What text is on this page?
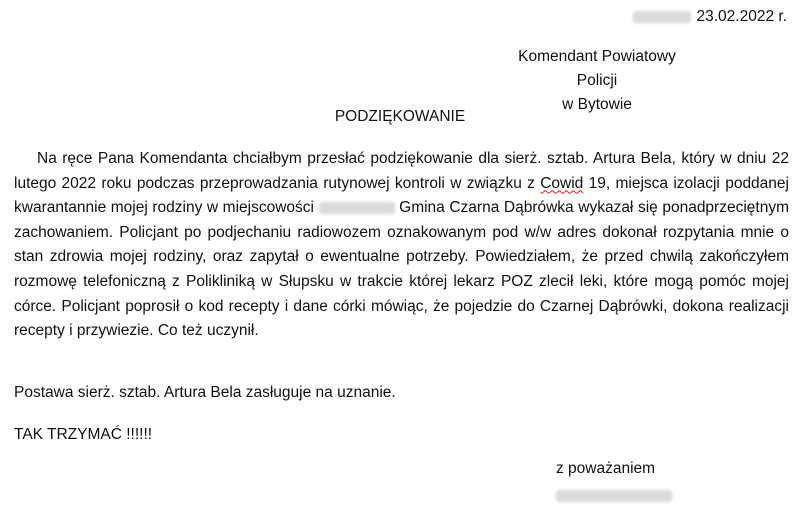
23.02.2022 r.
Komendant Powiatowy Policji
w Bytowie
PODZIĘKOWANIE
Na ręce Pana Komendanta chciałbym przesłać podziękowanie dla sierż. sztab. Artura Bela, który w dniu 22 lutego 2022 roku podczas przeprowadzania rutynowej kontroli w związku z Cowid 19, miejsca izolacji poddanej kwarantannie mojej rodziny w miejscowości	Gmina Czarna Dąbrówka wykazał się ponadprzeciętnym zachowaniem. Policjant po podjechaniu radiowozem oznakowanym pod w/w adres dokonał rozpytania mnie o stan zdrowia mojej rodziny, oraz zapytał o ewentualne potrzeby. Powiedziałem, że przed chwilą zakończyłem rozmowę telefoniczną z Polikliniką w Słupsku w trakcie której lekarz POZ zlecił leki, które mogą pomóc mojej córce. Policjant poprosił o kod recepty i dane córki mówiąc, że pojedzie do Czarnej Dąbrówki, dokona realizacji recepty i przywiezie. Co też uczynił.
Postawa sierż. sztab. Artura Bela zasługuje na uznanie.
TAK TRZYMAĆ !!!!!!
z poważaniem
